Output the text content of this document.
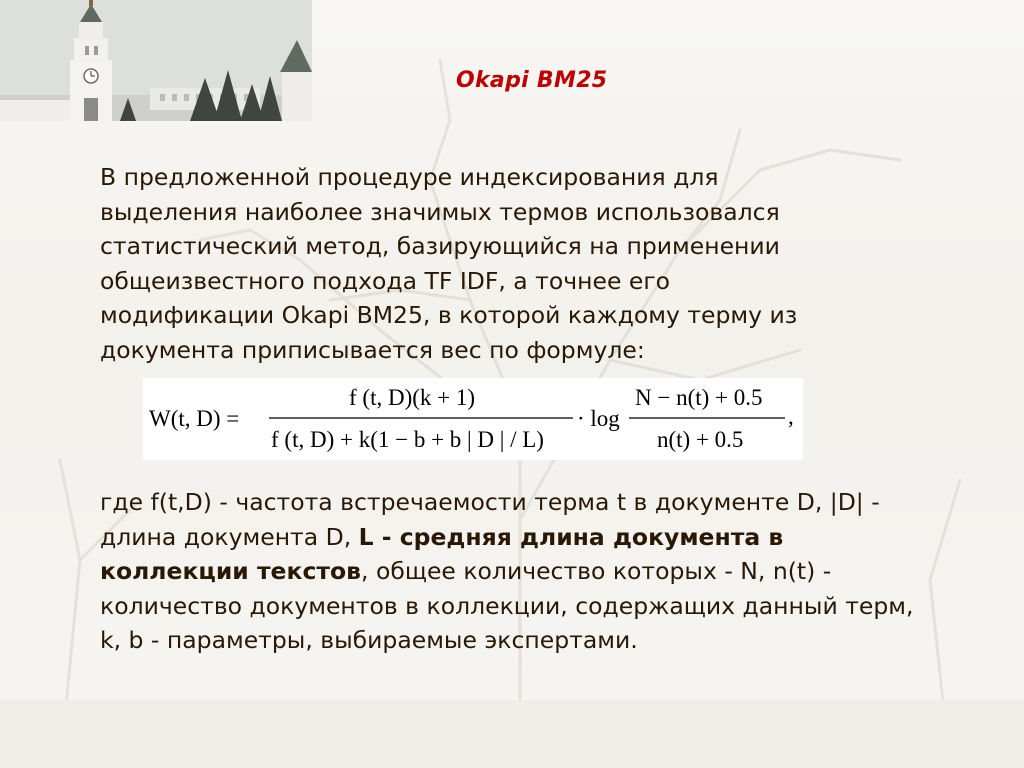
Okapi BM25
В предложенной процедуре индексирования для
выделения наиболее значимых термов использовался
статистический метод, базирующийся на применении
общеизвестного подхода TF IDF, а точнее его
модификации Okapi BM25, в которой каждому терму из
документа приписывается вес по формуле:
W(t, D) =
f (t, D)(k + 1)
f (t, D) + k(1 − b + b | D | / L)
· log
N − n(t) + 0.5
n(t) + 0.5
,
где f(t,D) - частота встречаемости терма t в документе D, |D| - длина документа D, L - средняя длина документа в коллекции текстов, общее количество которых - N, n(t) - количество документов в коллекции, содержащих данный терм, k, b - параметры, выбираемые экспертами.
